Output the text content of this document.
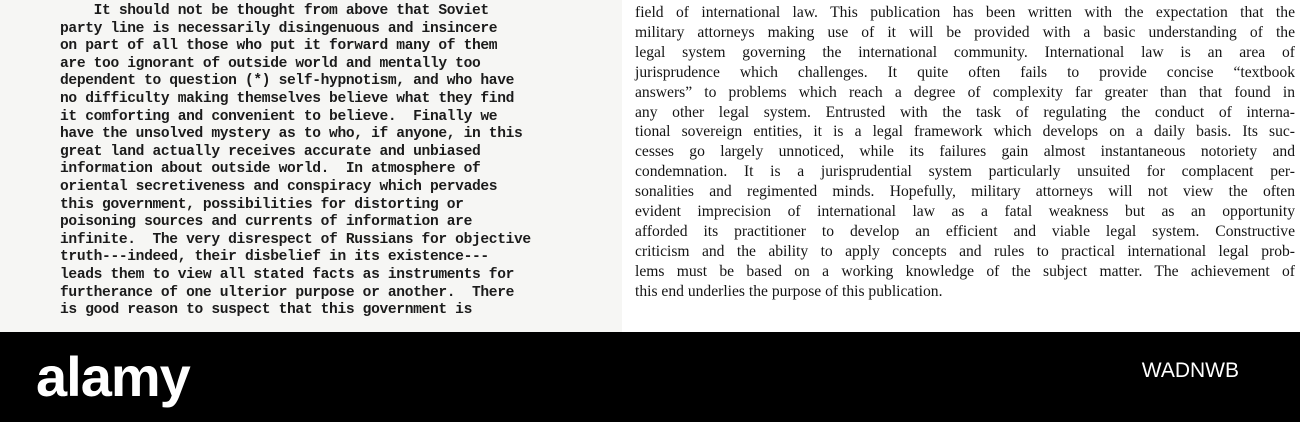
It should not be thought from above that Soviet
party line is necessarily disingenuous and insincere
on part of all those who put it forward many of them
are too ignorant of outside world and mentally too
dependent to question (*) self-hypnotism, and who have
no difficulty making themselves believe what they find
it comforting and convenient to believe.  Finally we
have the unsolved mystery as to who, if anyone, in this
great land actually receives accurate and unbiased
information about outside world.  In atmosphere of
oriental secretiveness and conspiracy which pervades
this government, possibilities for distorting or
poisoning sources and currents of information are
infinite.  The very disrespect of Russians for objective
truth---indeed, their disbelief in its existence---
leads them to view all stated facts as instruments for
furtherance of one ulterior purpose or another.  There
is good reason to suspect that this government is
field of international law. This publication has been written with the expectation that the
military attorneys making use of it will be provided with a basic understanding of the
legal system governing the international community. International law is an area of
jurisprudence which challenges. It quite often fails to provide concise “textbook
answers” to problems which reach a degree of complexity far greater than that found in
any other legal system. Entrusted with the task of regulating the conduct of interna-
tional sovereign entities, it is a legal framework which develops on a daily basis. Its suc-
cesses go largely unnoticed, while its failures gain almost instantaneous notoriety and
condemnation. It is a jurisprudential system particularly unsuited for complacent per-
sonalities and regimented minds. Hopefully, military attorneys will not view the often
evident imprecision of international law as a fatal weakness but as an opportunity
afforded its practitioner to develop an efficient and viable legal system. Constructive
criticism and the ability to apply concepts and rules to practical international legal prob-
lems must be based on a working knowledge of the subject matter. The achievement of
this end underlies the purpose of this publication.
alamy	WADNWB
